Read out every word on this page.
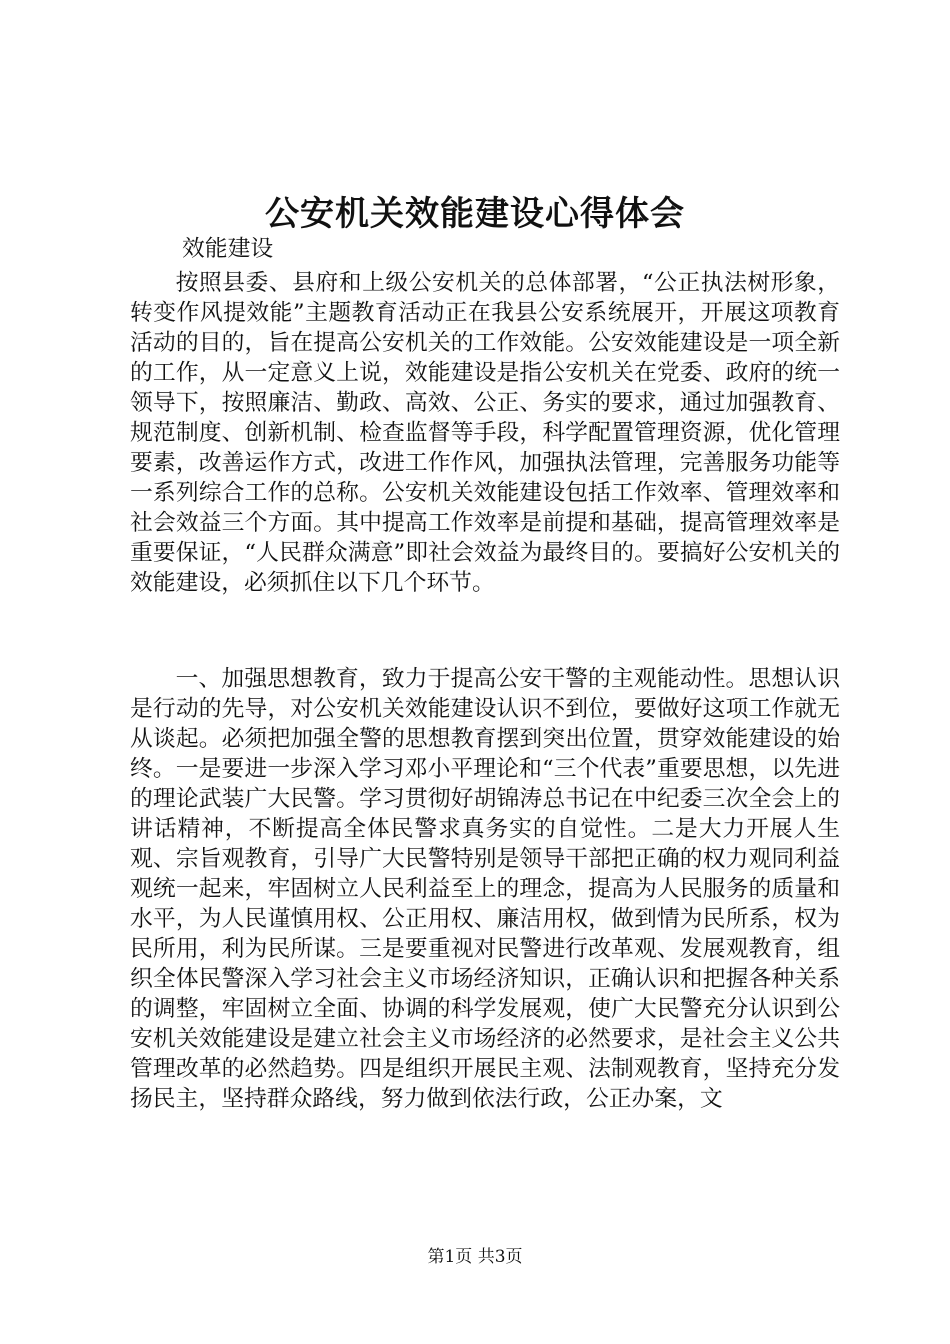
公安机关效能建设心得体会
效能建设

按照县委、县府和上级公安机关的总体部署，“公正执法树形象，转变作风提效能”主题教育活动正在我县公安系统展开，开展这项教育活动的目的，旨在提高公安机关的工作效能。公安效能建设是一项全新的工作，从一定意义上说，效能建设是指公安机关在党委、政府的统一领导下，按照廉洁、勤政、高效、公正、务实的要求，通过加强教育、规范制度、创新机制、检查监督等手段，科学配置管理资源，优化管理要素，改善运作方式，改进工作作风，加强执法管理，完善服务功能等一系列综合工作的总称。公安机关效能建设包括工作效率、管理效率和社会效益三个方面。其中提高工作效率是前提和基础，提高管理效率是重要保证，“人民群众满意”即社会效益为最终目的。要搞好公安机关的效能建设，必须抓住以下几个环节。

一、加强思想教育，致力于提高公安干警的主观能动性。思想认识是行动的先导，对公安机关效能建设认识不到位，要做好这项工作就无从谈起。必须把加强全警的思想教育摆到突出位置，贯穿效能建设的始终。一是要进一步深入学习邓小平理论和“三个代表”重要思想，以先进的理论武装广大民警。学习贯彻好胡锦涛总书记在中纪委三次全会上的讲话精神，不断提高全体民警求真务实的自觉性。二是大力开展人生观、宗旨观教育，引导广大民警特别是领导干部把正确的权力观同利益观统一起来，牢固树立人民利益至上的理念，提高为人民服务的质量和水平，为人民谨慎用权、公正用权、廉洁用权，做到情为民所系，权为民所用，利为民所谋。三是要重视对民警进行改革观、发展观教育，组织全体民警深入学习社会主义市场经济知识，正确认识和把握各种关系的调整，牢固树立全面、协调的科学发展观，使广大民警充分认识到公安机关效能建设是建立社会主义市场经济的必然要求，是社会主义公共管理改革的必然趋势。四是组织开展民主观、法制观教育，坚持充分发扬民主，坚持群众路线，努力做到依法行政，公正办案，文

第1页 共3页
